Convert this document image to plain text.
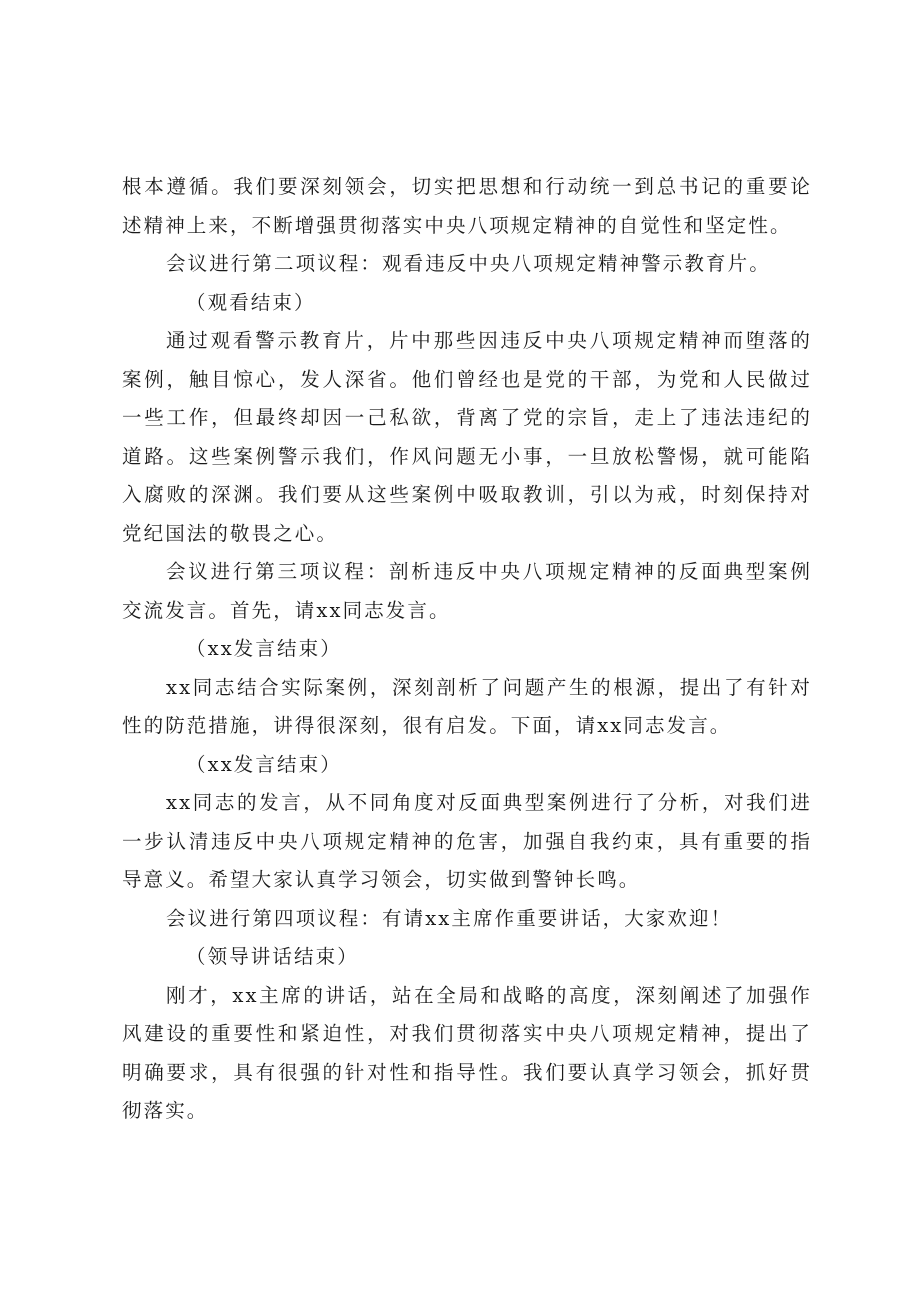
根本遵循。我们要深刻领会，切实把思想和行动统一到总书记的重要论述精神上来，不断增强贯彻落实中央八项规定精神的自觉性和坚定性。

会议进行第二项议程：观看违反中央八项规定精神警示教育片。

（观看结束）

通过观看警示教育片，片中那些因违反中央八项规定精神而堕落的案例，触目惊心，发人深省。他们曾经也是党的干部，为党和人民做过一些工作，但最终却因一己私欲，背离了党的宗旨，走上了违法违纪的道路。这些案例警示我们，作风问题无小事，一旦放松警惕，就可能陷入腐败的深渊。我们要从这些案例中吸取教训，引以为戒，时刻保持对党纪国法的敬畏之心。

会议进行第三项议程：剖析违反中央八项规定精神的反面典型案例交流发言。首先，请xx同志发言。

（xx发言结束）

xx同志结合实际案例，深刻剖析了问题产生的根源，提出了有针对性的防范措施，讲得很深刻，很有启发。下面，请xx同志发言。

（xx发言结束）

xx同志的发言，从不同角度对反面典型案例进行了分析，对我们进一步认清违反中央八项规定精神的危害，加强自我约束，具有重要的指导意义。希望大家认真学习领会，切实做到警钟长鸣。

会议进行第四项议程：有请xx主席作重要讲话，大家欢迎！

（领导讲话结束）

刚才，xx主席的讲话，站在全局和战略的高度，深刻阐述了加强作风建设的重要性和紧迫性，对我们贯彻落实中央八项规定精神，提出了明确要求，具有很强的针对性和指导性。我们要认真学习领会，抓好贯彻落实。
